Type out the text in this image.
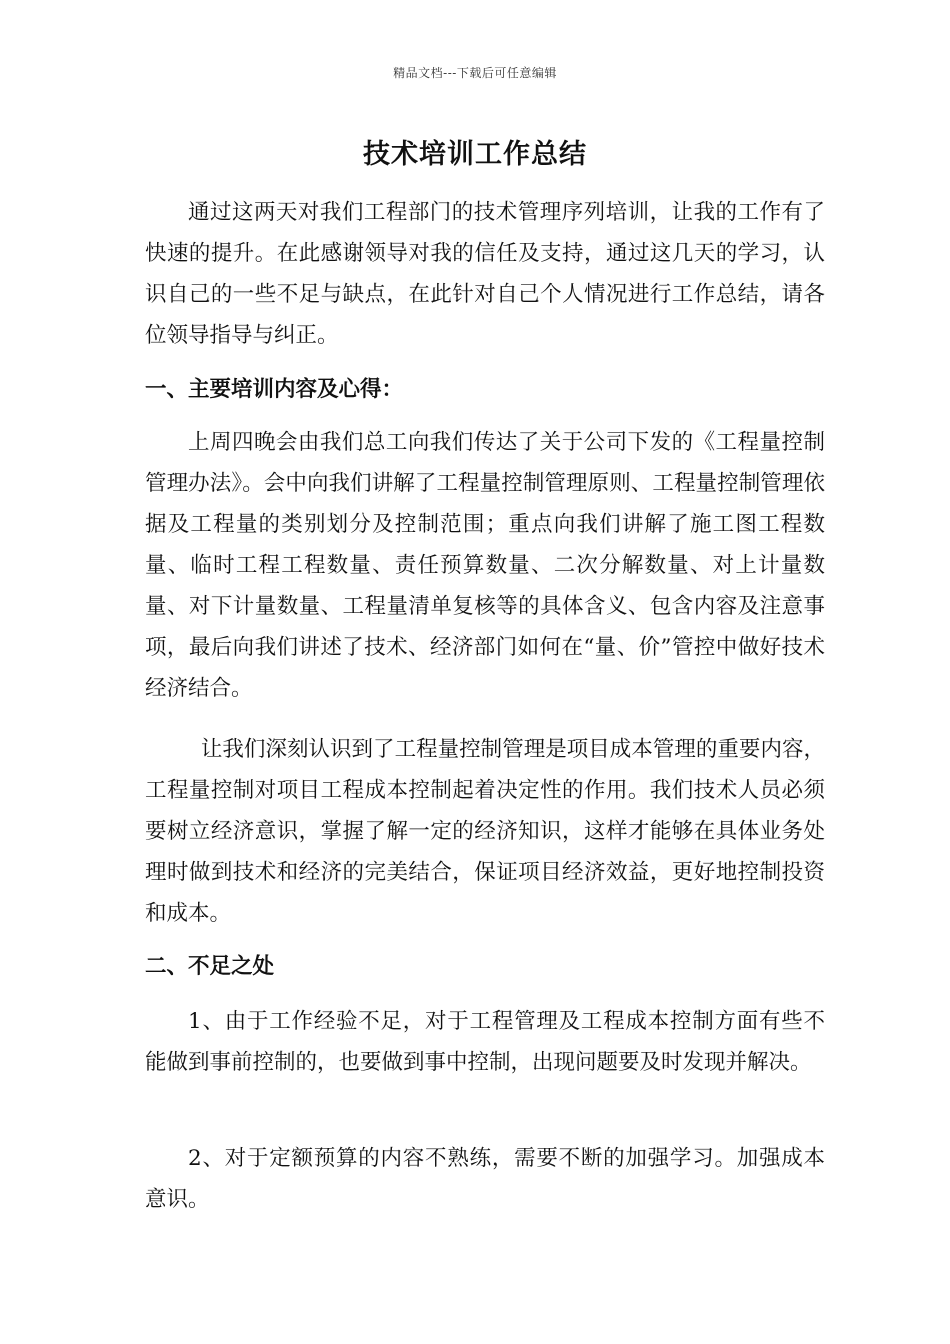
精品文档---下载后可任意编辑
技术培训工作总结

通过这两天对我们工程部门的技术管理序列培训，让我的工作有了快速的提升。在此感谢领导对我的信任及支持，通过这几天的学习，认识自己的一些不足与缺点，在此针对自己个人情况进行工作总结，请各位领导指导与纠正。

一、主要培训内容及心得：

上周四晚会由我们总工向我们传达了关于公司下发的《工程量控制管理办法》。会中向我们讲解了工程量控制管理原则、工程量控制管理依据及工程量的类别划分及控制范围；重点向我们讲解了施工图工程数量、临时工程工程数量、责任预算数量、二次分解数量、对上计量数量、对下计量数量、工程量清单复核等的具体含义、包含内容及注意事项，最后向我们讲述了技术、经济部门如何在“量、价”管控中做好技术经济结合。

让我们深刻认识到了工程量控制管理是项目成本管理的重要内容，工程量控制对项目工程成本控制起着决定性的作用。我们技术人员必须要树立经济意识，掌握了解一定的经济知识，这样才能够在具体业务处理时做到技术和经济的完美结合，保证项目经济效益，更好地控制投资和成本。

二、不足之处

1、由于工作经验不足，对于工程管理及工程成本控制方面有些不能做到事前控制的，也要做到事中控制，出现问题要及时发现并解决。

2、对于定额预算的内容不熟练，需要不断的加强学习。加强成本意识。
